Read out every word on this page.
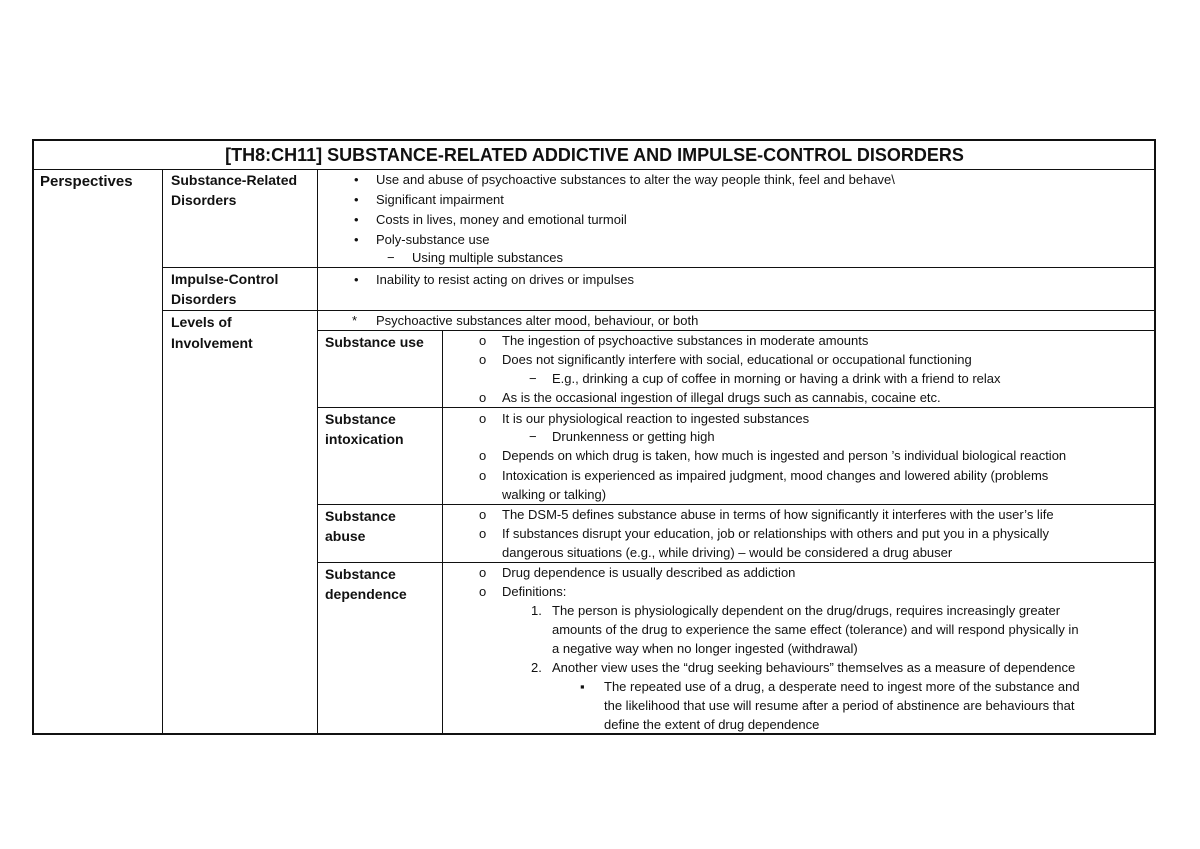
[TH8:CH11] SUBSTANCE-RELATED ADDICTIVE AND IMPULSE-CONTROL DISORDERS
Perspectives	Substance-Related
Disorders
• Use and abuse of psychoactive substances to alter the way people think, feel and behave\
• Significant impairment
• Costs in lives, money and emotional turmoil
• Poly-substance use
− Using multiple substances
Impulse-Control
Disorders
• Inability to resist acting on drives or impulses
Levels of
Involvement
* Psychoactive substances alter mood, behaviour, or both
Substance use	o The ingestion of psychoactive substances in moderate amounts
o Does not significantly interfere with social, educational or occupational functioning
− E.g., drinking a cup of coffee in morning or having a drink with a friend to relax
o As is the occasional ingestion of illegal drugs such as cannabis, cocaine etc.
Substance
intoxication
o It is our physiological reaction to ingested substances
− Drunkenness or getting high
o Depends on which drug is taken, how much is ingested and person ’s individual biological reaction
o Intoxication is experienced as impaired judgment, mood changes and lowered ability (problems
walking or talking)
Substance
abuse
o The DSM-5 defines substance abuse in terms of how significantly it interferes with the user’s life
o If substances disrupt your education, job or relationships with others and put you in a physically
dangerous situations (e.g., while driving) – would be considered a drug abuser
Substance
dependence
o Drug dependence is usually described as addiction
o Definitions:
1. The person is physiologically dependent on the drug/drugs, requires increasingly greater
amounts of the drug to experience the same effect (tolerance) and will respond physically in
a negative way when no longer ingested (withdrawal)
2. Another view uses the “drug seeking behaviours” themselves as a measure of dependence
▪ The repeated use of a drug, a desperate need to ingest more of the substance and
the likelihood that use will resume after a period of abstinence are behaviours that
define the extent of drug dependence
